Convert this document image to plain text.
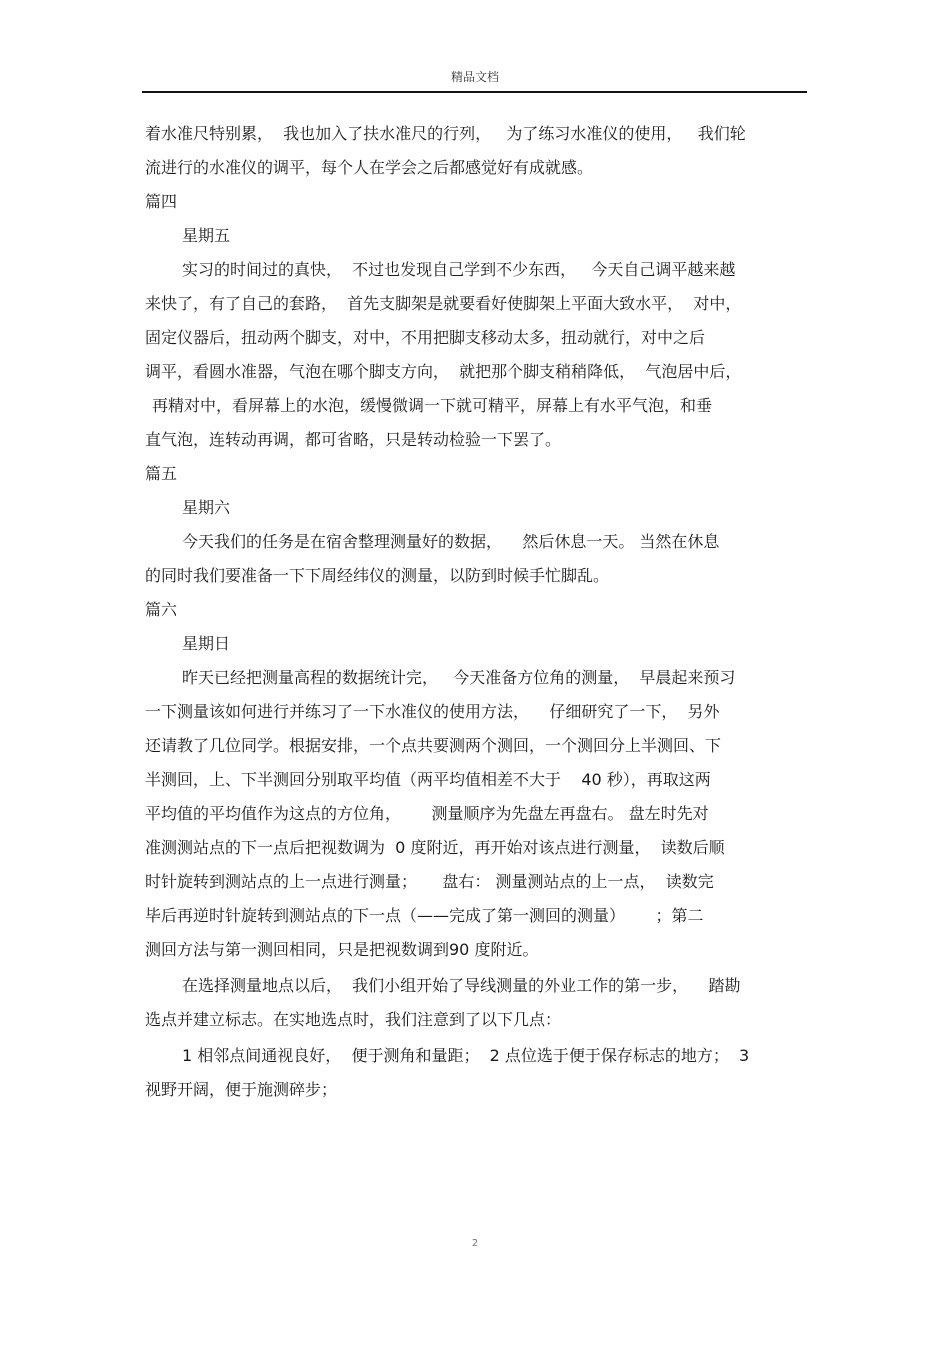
精品文档
着水准尺特别累，  我也加入了扶水准尺的行列，   为了练习水准仪的使用，   我们轮
流进行的水准仪的调平，每个人在学会之后都感觉好有成就感。
篇四
星期五
实习的时间过的真快，  不过也发现自己学到不少东西，   今天自己调平越来越
来快了，有了自己的套路，  首先支脚架是就要看好使脚架上平面大致水平，  对中，
固定仪器后，扭动两个脚支，对中，不用把脚支移动太多，扭动就行，对中之后
调平，看圆水准器，气泡在哪个脚支方向，  就把那个脚支稍稍降低，  气泡居中后，
再精对中，看屏幕上的水泡，缓慢微调一下就可精平，屏幕上有水平气泡，和垂
直气泡，连转动再调，都可省略，只是转动检验一下罢了。
篇五
星期六
今天我们的任务是在宿舍整理测量好的数据，    然后休息一天。 当然在休息
的同时我们要准备一下下周经纬仪的测量，以防到时候手忙脚乱。
篇六
星期日
昨天已经把测量高程的数据统计完，   今天准备方位角的测量，  早晨起来预习
一下测量该如何进行并练习了一下水准仪的使用方法，    仔细研究了一下，  另外
还请教了几位同学。根据安排，一个点共要测两个测回，一个测回分上半测回、下
半测回，上、下半测回分别取平均值（两平均值相差不大于    40 秒），再取这两
平均值的平均值作为这点的方位角，      测量顺序为先盘左再盘右。 盘左时先对
准测测站点的下一点后把视数调为  0 度附近，再开始对该点进行测量，  读数后顺
时针旋转到测站点的上一点进行测量；     盘右： 测量测站点的上一点，  读数完
毕后再逆时针旋转到测站点的下一点（——完成了第一测回的测量）      ；第二
测回方法与第一测回相同，只是把视数调到90 度附近。
在选择测量地点以后，  我们小组开始了导线测量的外业工作的第一步，    踏勘
选点并建立标志。在实地选点时，我们注意到了以下几点：
1 相邻点间通视良好，  便于测角和量距；  2 点位选于便于保存标志的地方；  3
视野开阔，便于施测碎步；
2
